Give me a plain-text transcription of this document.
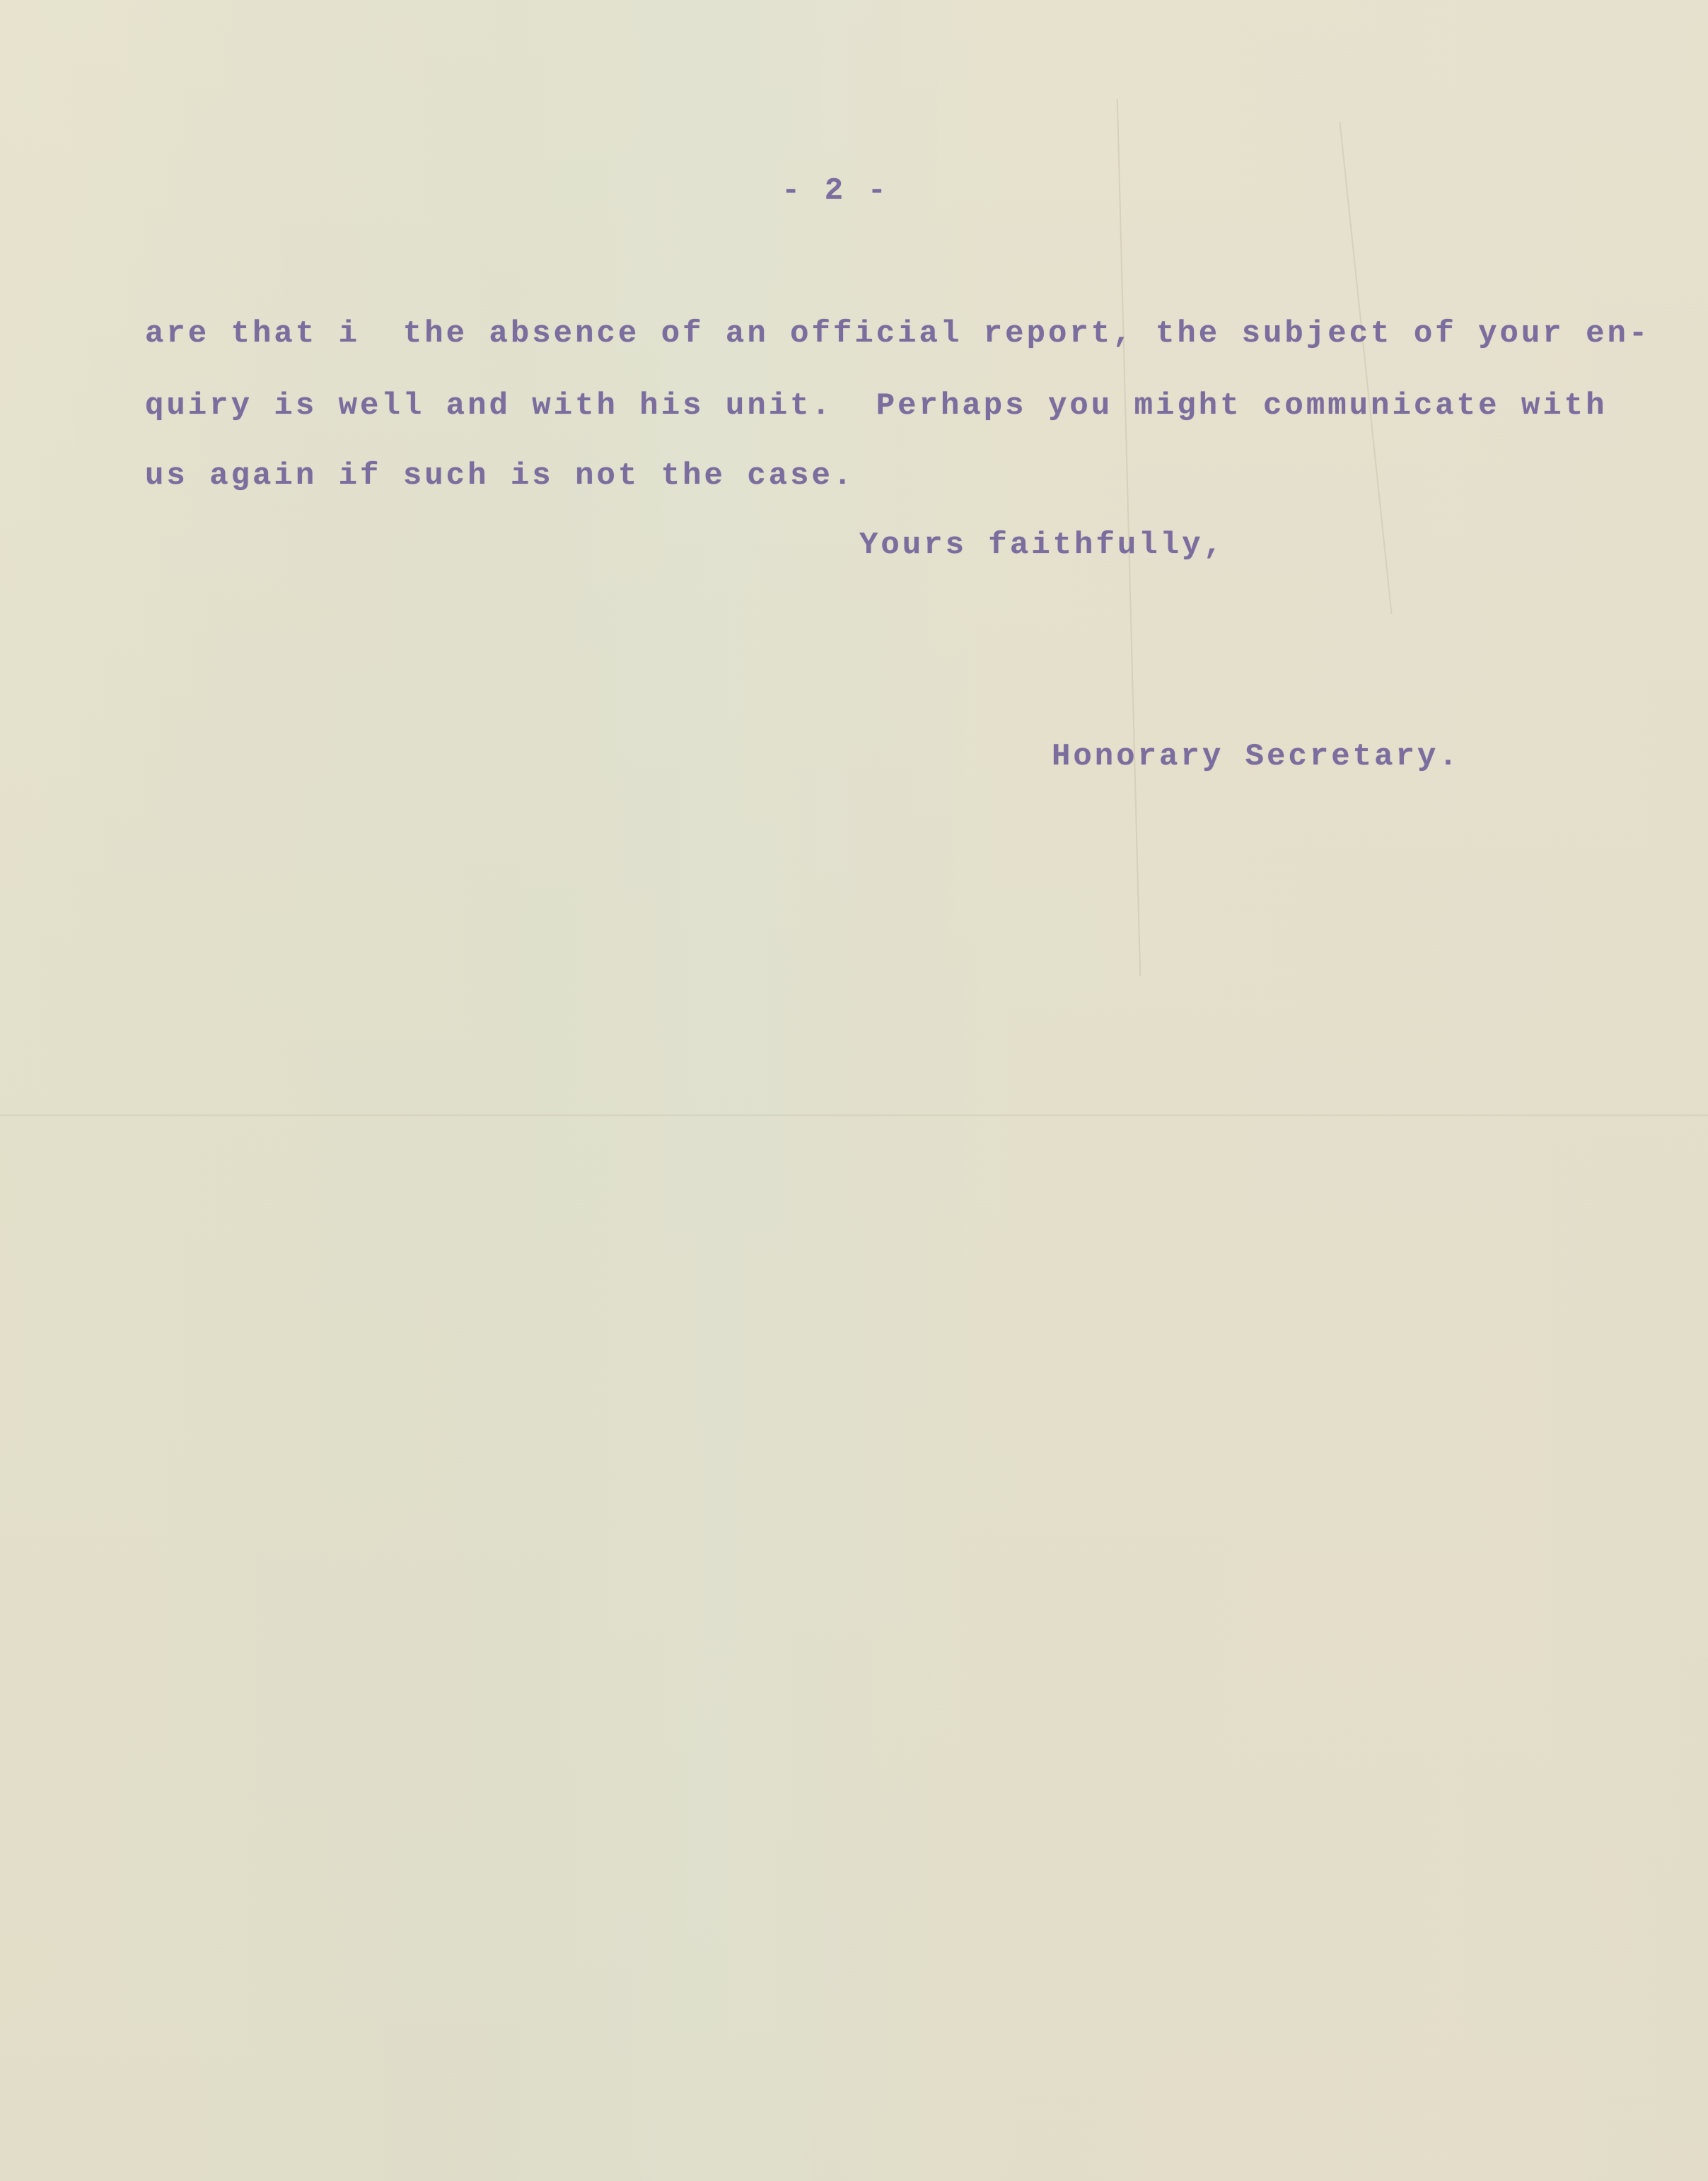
- 2 -
are that i  the absence of an official report, the subject of your en-
quiry is well and with his unit.  Perhaps you might communicate with
us again if such is not the case.
Yours faithfully,
Honorary Secretary.
